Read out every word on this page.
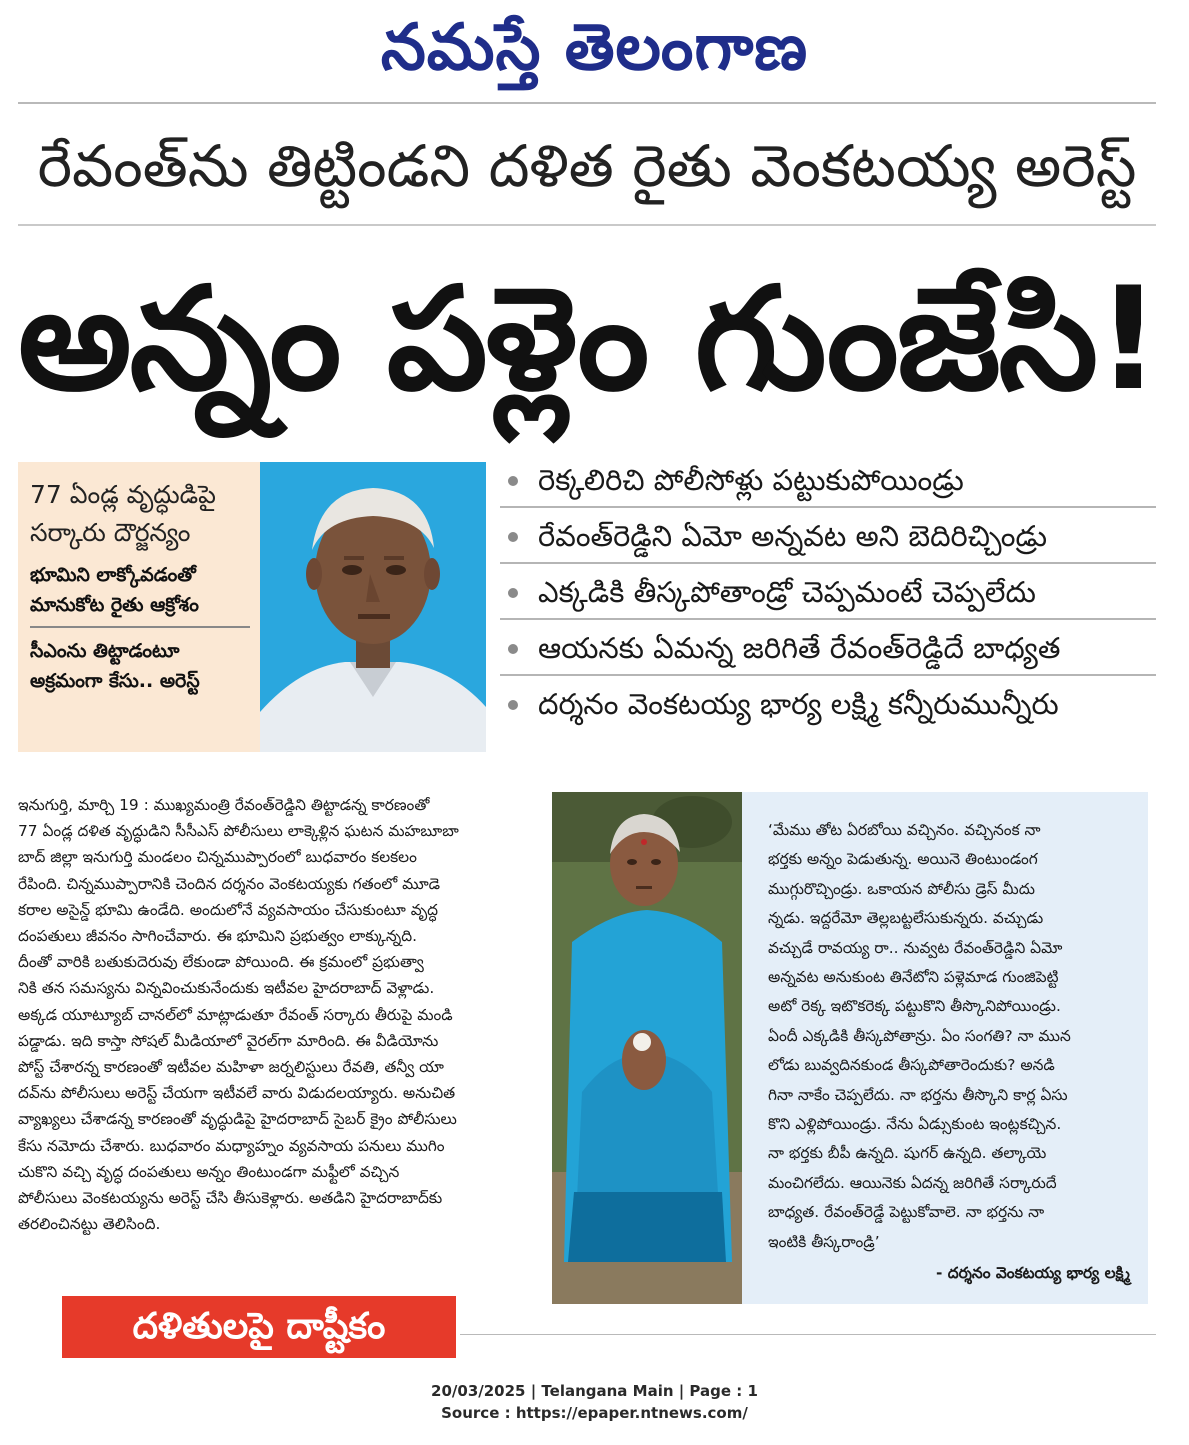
నమస్తే తెలంగాణ
రేవంత్‌ను తిట్టిండని దళిత రైతు వెంకటయ్య అరెస్ట్
అన్నం పళ్లెం గుంజేసి!
77 ఏండ్ల వృద్ధుడిపై
సర్కారు దౌర్జన్యం
భూమిని లాక్కోవడంతో
మానుకోట రైతు ఆక్రోశం
సీఎంను తిట్టాడంటూ
అక్రమంగా కేసు.. అరెస్ట్
రెక్కలిరిచి పోలీసోళ్లు పట్టుకుపోయిండ్రు
రేవంత్‌రెడ్డిని ఏమో అన్నవట అని బెదిరిచ్చిండ్రు
ఎక్కడికి తీస్కపోతాండ్రో చెప్పమంటే చెప్పలేదు
ఆయనకు ఏమన్న జరిగితే రేవంత్‌రెడ్డిదే బాధ్యత
దర్శనం వెంకటయ్య భార్య లక్ష్మి కన్నీరుమున్నీరు
ఇనుగుర్తి, మార్చి 19 : ముఖ్యమంత్రి రేవంత్‌రెడ్డిని తిట్టాడన్న కారణంతో
77 ఏండ్ల దళిత వృద్ధుడిని సీసీఎస్ పోలీసులు లాక్కెళ్లిన ఘటన మహబూబా
బాద్ జిల్లా ఇనుగుర్తి మండలం చిన్నముప్పారంలో బుధవారం కలకలం
రేపింది. చిన్నముప్పారానికి చెందిన దర్శనం వెంకటయ్యకు గతంలో మూడె
కరాల అసైన్డ్ భూమి ఉండేది. అందులోనే వ్యవసాయం చేసుకుంటూ వృద్ధ
దంపతులు జీవనం సాగించేవారు. ఈ భూమిని ప్రభుత్వం లాక్కున్నది.
దీంతో వారికి బతుకుదెరువు లేకుండా పోయింది. ఈ క్రమంలో ప్రభుత్వా
నికి తన సమస్యను విన్నవించుకునేందుకు ఇటీవల హైదరాబాద్ వెళ్లాడు.
అక్కడ యూట్యూబ్ చానల్‌లో మాట్లాడుతూ రేవంత్ సర్కారు తీరుపై మండి
పడ్డాడు. ఇది కాస్తా సోషల్ మీడియాలో వైరల్‌గా మారింది. ఈ వీడియోను
పోస్ట్ చేశారన్న కారణంతో ఇటీవల మహిళా జర్నలిస్టులు రేవతి, తన్వీ యా
దవ్‌ను పోలీసులు అరెస్ట్ చేయగా ఇటీవలే వారు విడుదలయ్యారు. అనుచిత
వ్యాఖ్యలు చేశాడన్న కారణంతో వృద్ధుడిపై హైదరాబాద్ సైబర్ క్రైం పోలీసులు
కేసు నమోదు చేశారు. బుధవారం మధ్యాహ్నం వ్యవసాయ పనులు ముగిం
చుకొని వచ్చి వృద్ధ దంపతులు అన్నం తింటుండగా మఫ్టీలో వచ్చిన
పోలీసులు వెంకటయ్యను అరెస్ట్ చేసి తీసుకెళ్లారు. అతడిని హైదరాబాద్‌కు
తరలించినట్టు తెలిసింది.
‘మేము తోట ఏరబోయి వచ్చినం. వచ్చినంక నా
భర్తకు అన్నం పెడుతున్న. అయినె తింటుండంగ
ముగ్గురొచ్చిండ్రు. ఒకాయన పోలీసు డ్రెస్ మీదు
న్నడు. ఇద్దరేమో తెల్లబట్టలేసుకున్నరు. వచ్చుడు
వచ్చుడే రావయ్య రా.. నువ్వట రేవంత్‌రెడ్డిని ఏమో
అన్నవట అనుకుంట తినేటోని పళ్లెమాడ గుంజిపెట్టి
అటో రెక్క ఇటొకరెక్క పట్టుకొని తీస్కొనిపోయిండ్రు.
ఏందీ ఎక్కడికి తీస్కపోతాన్రు. ఏం సంగతి? నా మున
లోడు బువ్వదినకుండ తీస్కపోతారెందుకు? అనడి
గినా నాకేం చెప్పలేదు. నా భర్తను తీస్కొని కార్ల ఏసు
కొని ఎళ్లిపోయిండ్రు. నేను ఏడ్సుకుంట ఇంట్లకచ్చిన.
నా భర్తకు బీపీ ఉన్నది. షుగర్ ఉన్నది. తల్కాయె
మంచిగలేదు. ఆయినెకు ఏదన్న జరిగితే సర్కారుదే
బాధ్యత. రేవంత్‌రెడ్డే పెట్టుకోవాలె. నా భర్తను నా
ఇంటికి తీస్కరాండ్రి’
- దర్శనం వెంకటయ్య భార్య లక్ష్మి
దళితులపై దాష్టీకం
20/03/2025 | Telangana Main | Page : 1
Source : https://epaper.ntnews.com/
